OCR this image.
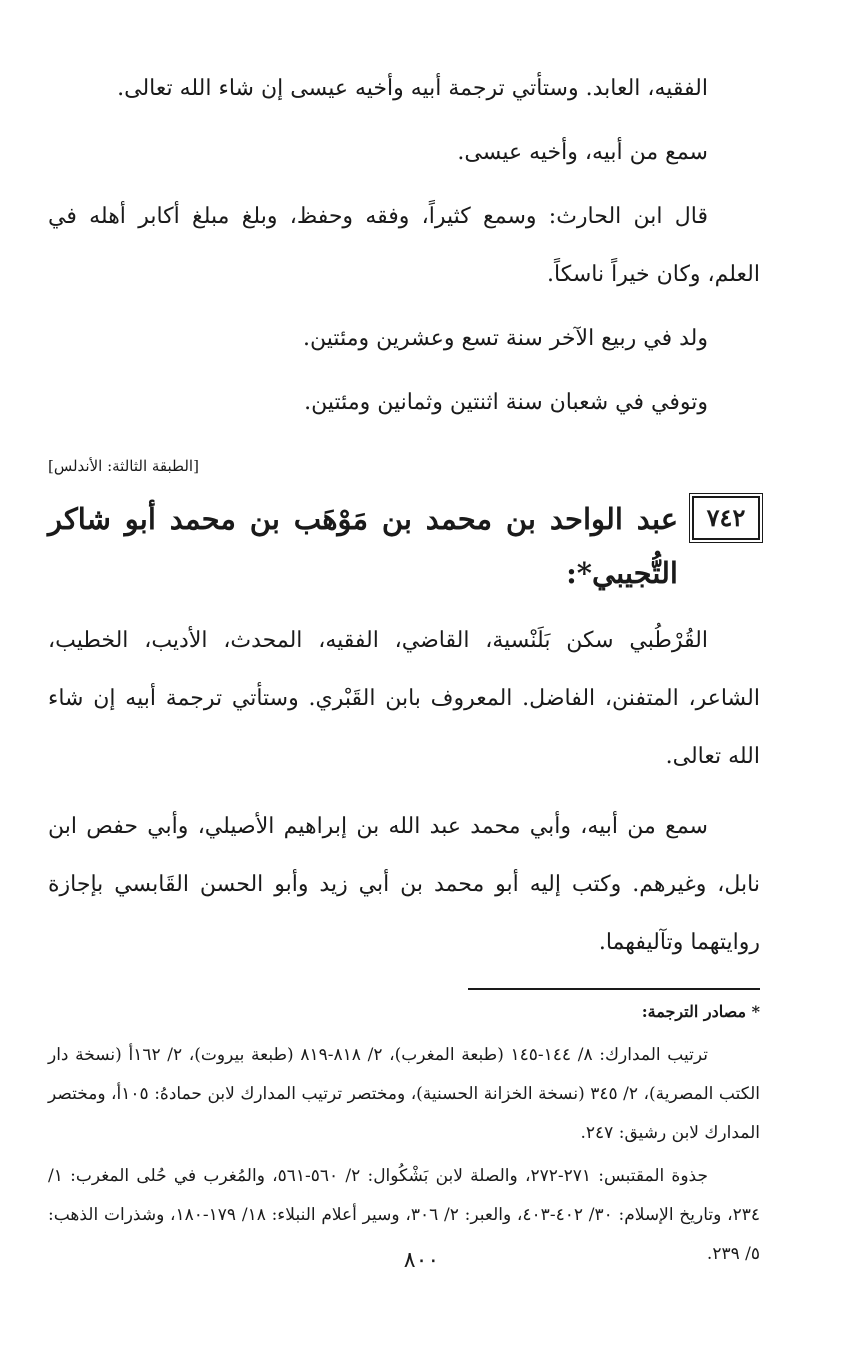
الفقيه، العابد. وستأتي ترجمة أبيه وأخيه عيسى إن شاء الله تعالى.

سمع من أبيه، وأخيه عيسى.

قال ابن الحارث: وسمع كثيراً، وفقه وحفظ، وبلغ مبلغ أكابر أهله في العلم، وكان خيراً ناسكاً.

ولد في ربيع الآخر سنة تسع وعشرين ومئتين.

وتوفي في شعبان سنة اثنتين وثمانين ومئتين.

[الطبقة الثالثة: الأندلس]
٧٤٢
عبد الواحد بن محمد بن مَوْهَب بن محمد أبو شاكر التُّجيبي*:

القُرْطُبي سكن بَلَنْسية، القاضي، الفقيه، المحدث، الأديب، الخطيب، الشاعر، المتفنن، الفاضل. المعروف بابن القَبْري. وستأتي ترجمة أبيه إن شاء الله تعالى.

سمع من أبيه، وأبي محمد عبد الله بن إبراهيم الأصيلي، وأبي حفص ابن نابل، وغيرهم. وكتب إليه أبو محمد بن أبي زيد وأبو الحسن القَابسي بإجازة روايتهما وتآليفهما.

* مصادر الترجمة:

ترتيب المدارك: ٨/ ١٤٤-١٤٥ (طبعة المغرب)، ٢/ ٨١٨-٨١٩ (طبعة بيروت)، ٢/ ١٦٢أ (نسخة دار الكتب المصرية)، ٢/ ٣٤٥ (نسخة الخزانة الحسنية)، ومختصر ترتيب المدارك لابن حمادهُ: ١٠٥أ، ومختصر المدارك لابن رشيق: ٢٤٧.

جذوة المقتبس: ٢٧١-٢٧٢، والصلة لابن بَشْكُوال: ٢/ ٥٦٠-٥٦١، والمُغرب في حُلى المغرب: ١/ ٢٣٤، وتاريخ الإسلام: ٣٠/ ٤٠٢-٤٠٣، والعبر: ٢/ ٣٠٦، وسير أعلام النبلاء: ١٨/ ١٧٩-١٨٠، وشذرات الذهب: ٥/ ٢٣٩.

٨٠٠
